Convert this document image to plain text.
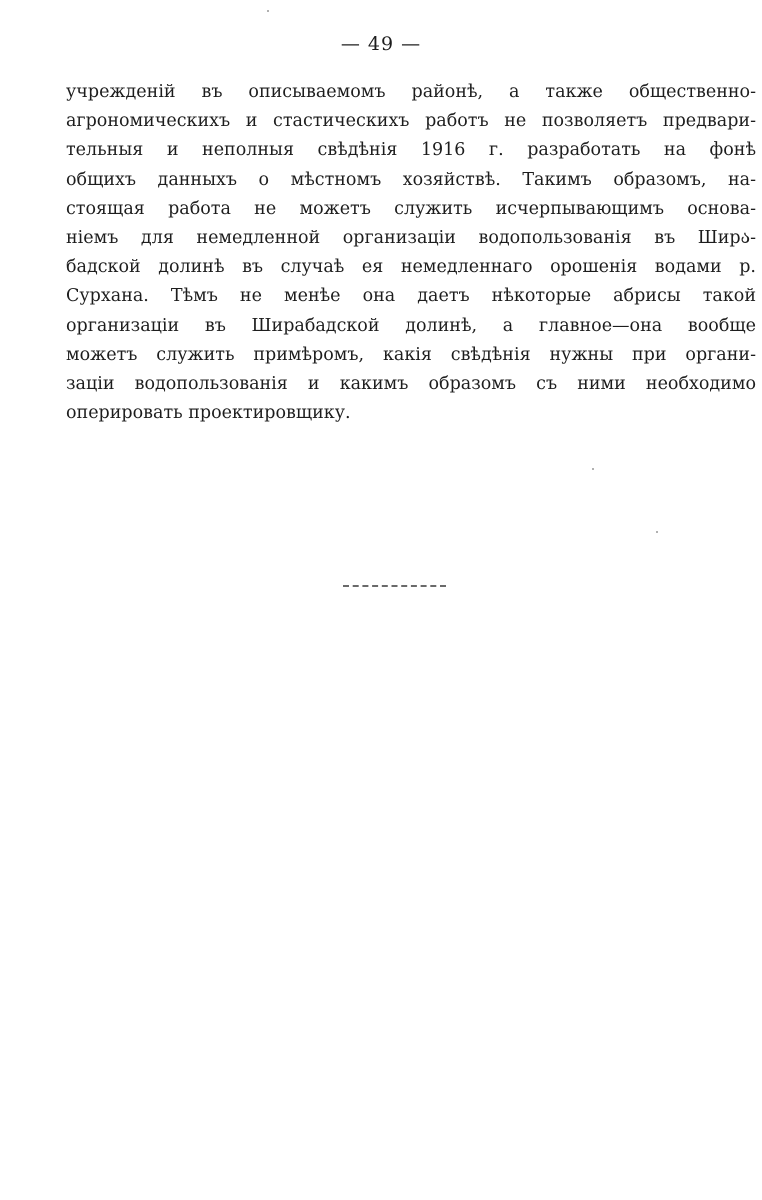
— 49 —
учрежденій въ описываемомъ районѣ, а также общественно-
агрономическихъ и стастическихъ работъ не позволяетъ предвари-
тельныя и неполныя свѣдѣнія 1916 г. разработать на фонѣ
общихъ данныхъ о мѣстномъ хозяйствѣ. Такимъ образомъ, на-
стоящая работа не можетъ служить исчерпывающимъ основа-
ніемъ для немедленной организаціи водопользованія въ Ширა-
бадской долинѣ въ случаѣ ея немедленнаго орошенія водами р.
Сурхана. Тѣмъ не менѣе она даетъ нѣкоторые абрисы такой
организаціи въ Ширабадской долинѣ, а главное—она вообще
можетъ служить примѣромъ, какія свѣдѣнія нужны при органи-
заціи водопользованія и какимъ образомъ съ ними необходимо
оперировать проектировщику.
